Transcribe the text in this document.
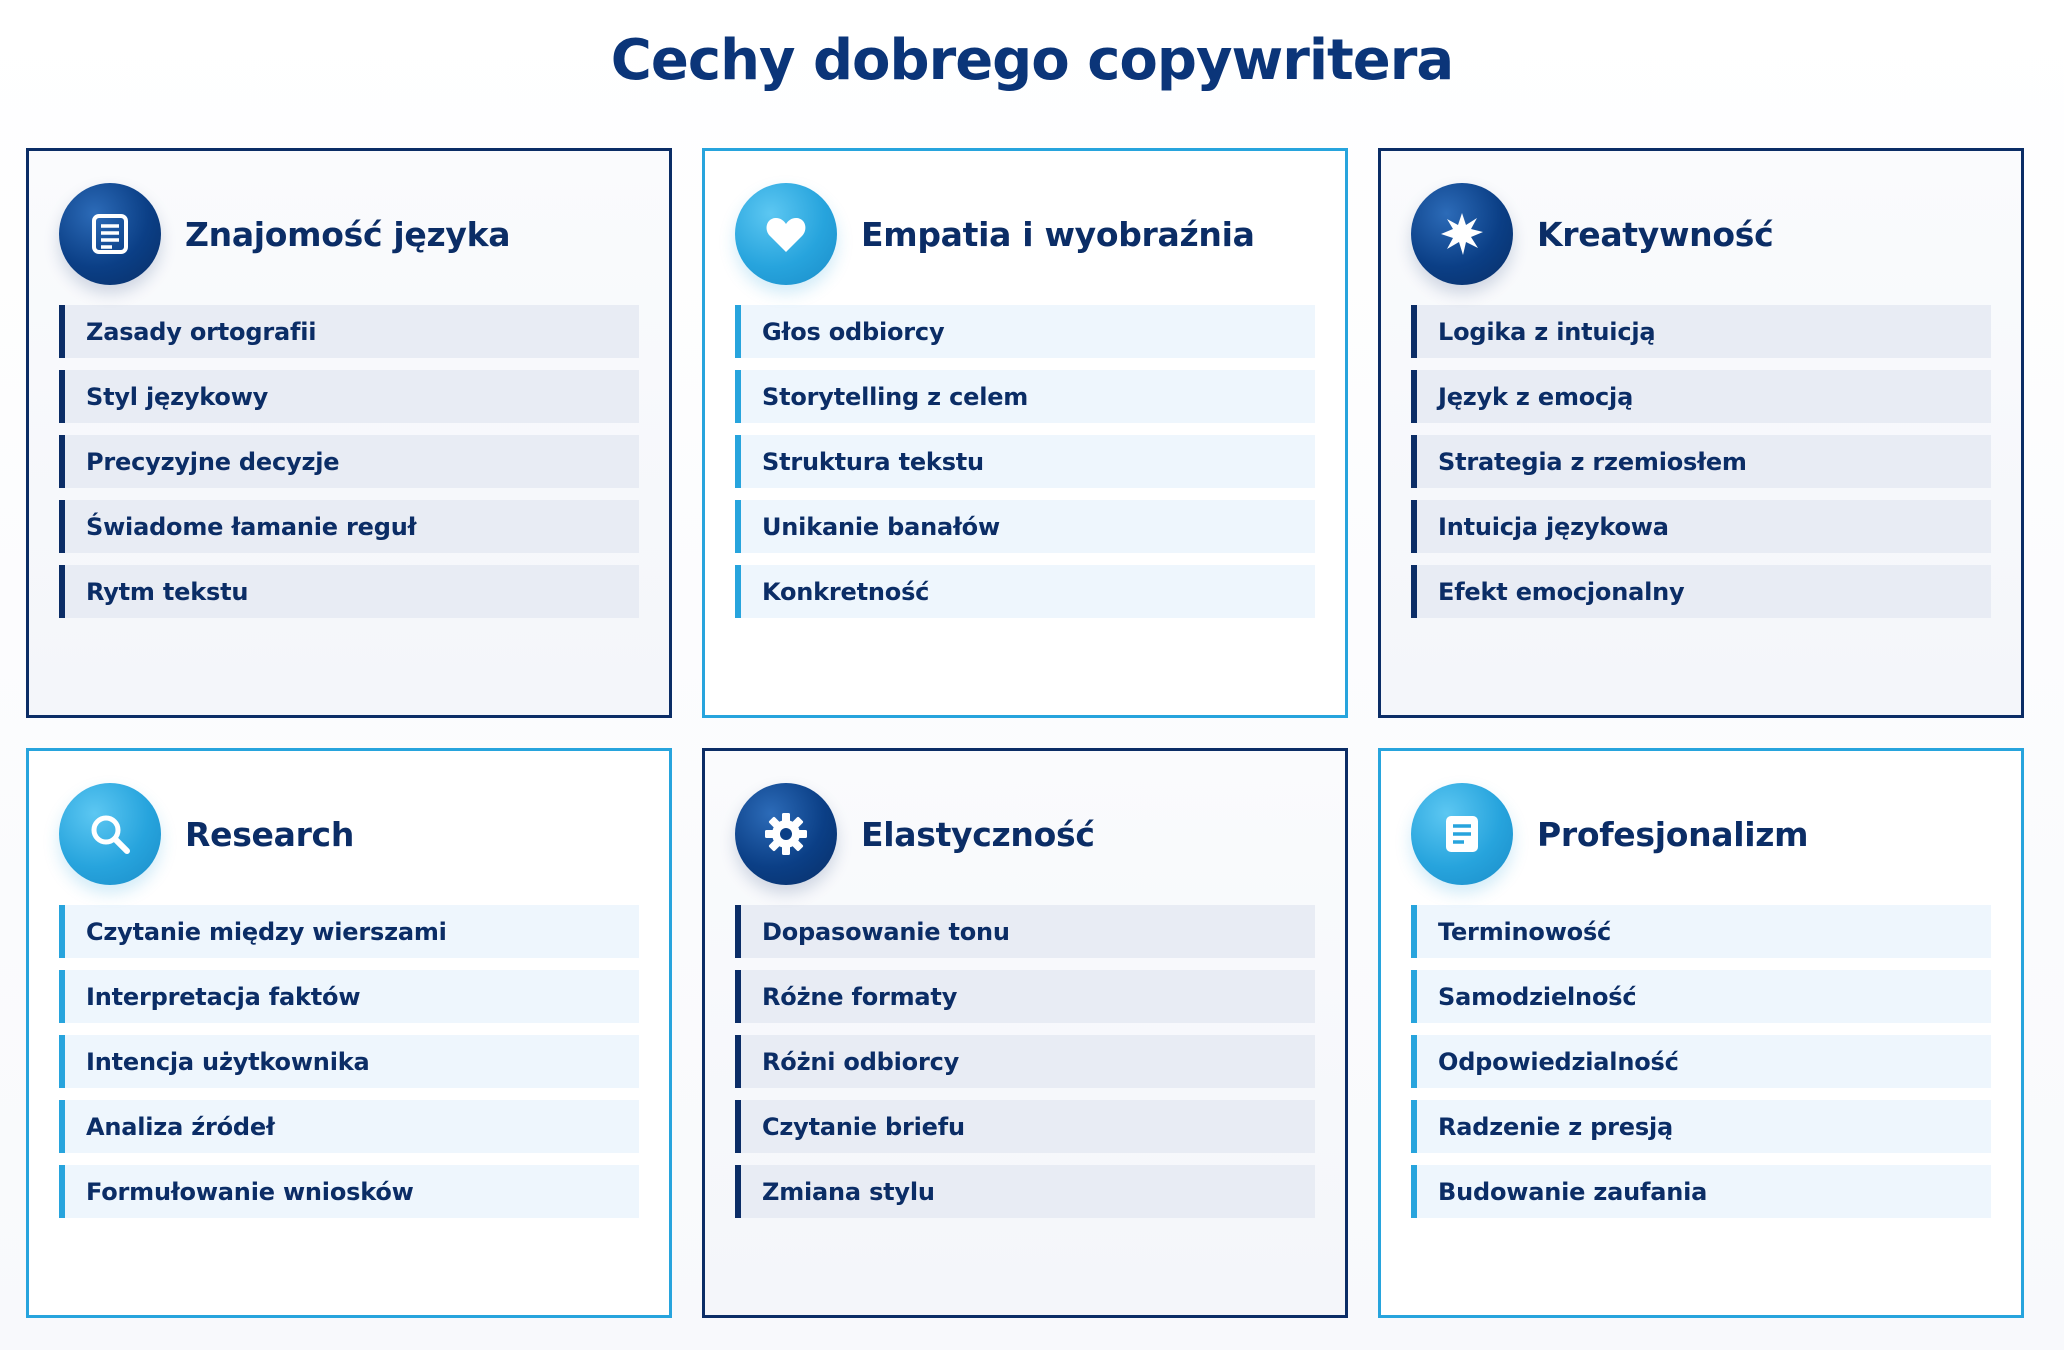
Cechy dobrego copywritera
Znajomość języka
Zasady ortografii
Styl językowy
Precyzyjne decyzje
Świadome łamanie reguł
Rytm tekstu
Empatia i wyobraźnia
Głos odbiorcy
Storytelling z celem
Struktura tekstu
Unikanie banałów
Konkretność
Kreatywność
Logika z intuicją
Język z emocją
Strategia z rzemiosłem
Intuicja językowa
Efekt emocjonalny
Research
Czytanie między wierszami
Interpretacja faktów
Intencja użytkownika
Analiza źródeł
Formułowanie wniosków
Elastyczność
Dopasowanie tonu
Różne formaty
Różni odbiorcy
Czytanie briefu
Zmiana stylu
Profesjonalizm
Terminowość
Samodzielność
Odpowiedzialność
Radzenie z presją
Budowanie zaufania
